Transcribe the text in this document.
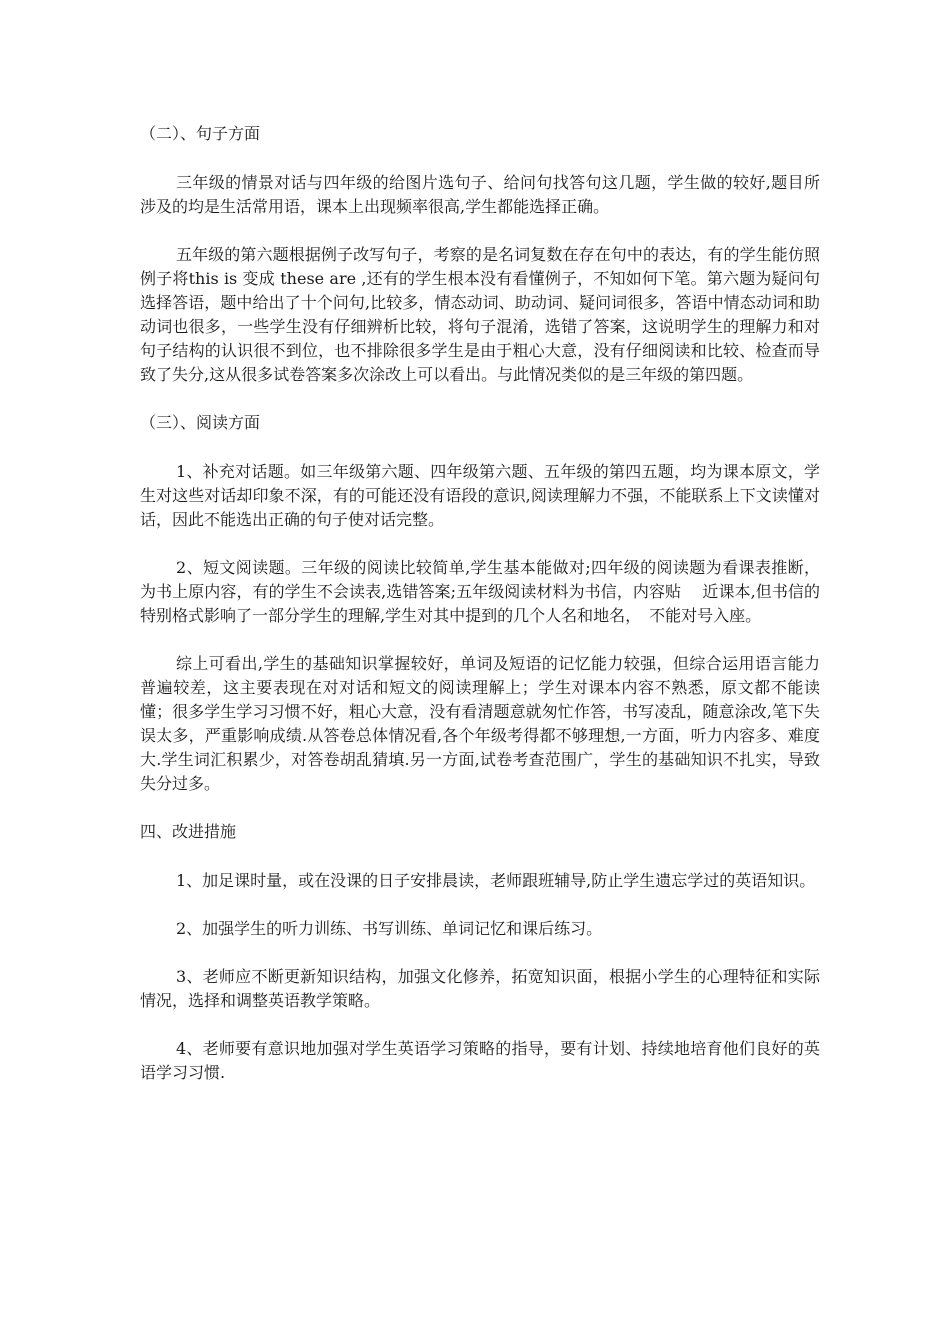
（二）、句子方面

三年级的情景对话与四年级的给图片选句子、给问句找答句这几题，学生做的较好,题目所涉及的均是生活常用语，课本上出现频率很高,学生都能选择正确。

五年级的第六题根据例子改写句子，考察的是名词复数在存在句中的表达，有的学生能仿照例子将this is 变成 these are ,还有的学生根本没有看懂例子，不知如何下笔。第六题为疑问句选择答语，题中给出了十个问句,比较多，情态动词、助动词、疑问词很多，答语中情态动词和助动词也很多，一些学生没有仔细辨析比较，将句子混淆，选错了答案，这说明学生的理解力和对句子结构的认识很不到位，也不排除很多学生是由于粗心大意，没有仔细阅读和比较、检查而导致了失分,这从很多试卷答案多次涂改上可以看出。与此情况类似的是三年级的第四题。

（三）、阅读方面

1、补充对话题。如三年级第六题、四年级第六题、五年级的第四五题，均为课本原文，学生对这些对话却印象不深，有的可能还没有语段的意识,阅读理解力不强，不能联系上下文读懂对话，因此不能选出正确的句子使对话完整。

2、短文阅读题。三年级的阅读比较简单,学生基本能做对;四年级的阅读题为看课表推断，为书上原内容，有的学生不会读表,选错答案;五年级阅读材料为书信，内容贴　 近课本,但书信的特别格式影响了一部分学生的理解,学生对其中提到的几个人名和地名，　不能对号入座。

综上可看出,学生的基础知识掌握较好，单词及短语的记忆能力较强，但综合运用语言能力普遍较差，这主要表现在对对话和短文的阅读理解上；学生对课本内容不熟悉，原文都不能读懂；很多学生学习习惯不好，粗心大意，没有看清题意就匆忙作答，书写凌乱，随意涂改,笔下失误太多，严重影响成绩.从答卷总体情况看,各个年级考得都不够理想,一方面，听力内容多、难度大.学生词汇积累少，对答卷胡乱猜填.另一方面,试卷考查范围广，学生的基础知识不扎实，导致失分过多。

四、改进措施

1、加足课时量，或在没课的日子安排晨读，老师跟班辅导,防止学生遗忘学过的英语知识。

2、加强学生的听力训练、书写训练、单词记忆和课后练习。

3、老师应不断更新知识结构，加强文化修养，拓宽知识面，根据小学生的心理特征和实际情况，选择和调整英语教学策略。

4、老师要有意识地加强对学生英语学习策略的指导，要有计划、持续地培育他们良好的英语学习习惯.
